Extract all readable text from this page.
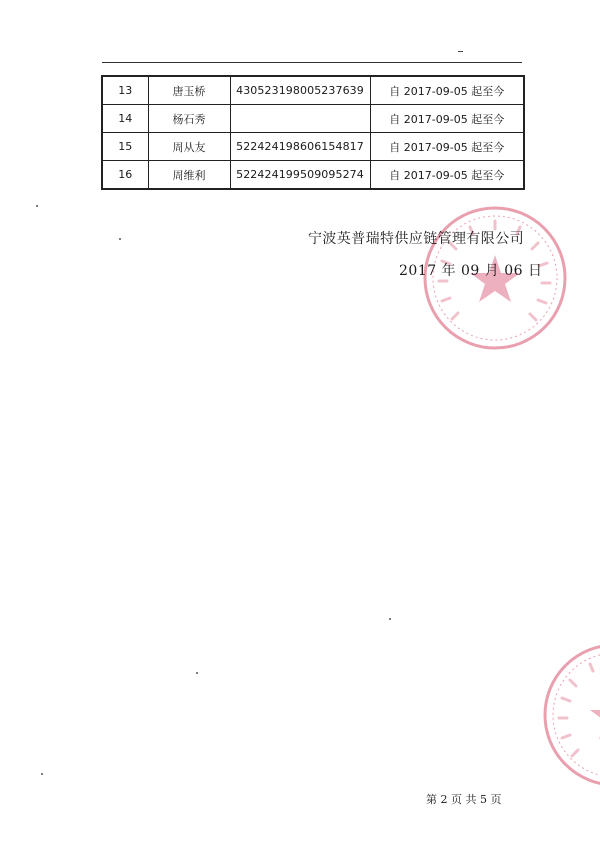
13	唐玉桥	430523198005237639	自 2017-09-05 起至今
14	杨石秀		自 2017-09-05 起至今
15	周从友	522424198606154817	自 2017-09-05 起至今
16	周维利	522424199509095274	自 2017-09-05 起至今
宁波英普瑞特供应链管理有限公司
2017 年 09 月 06 日
第 2 页 共 5 页
